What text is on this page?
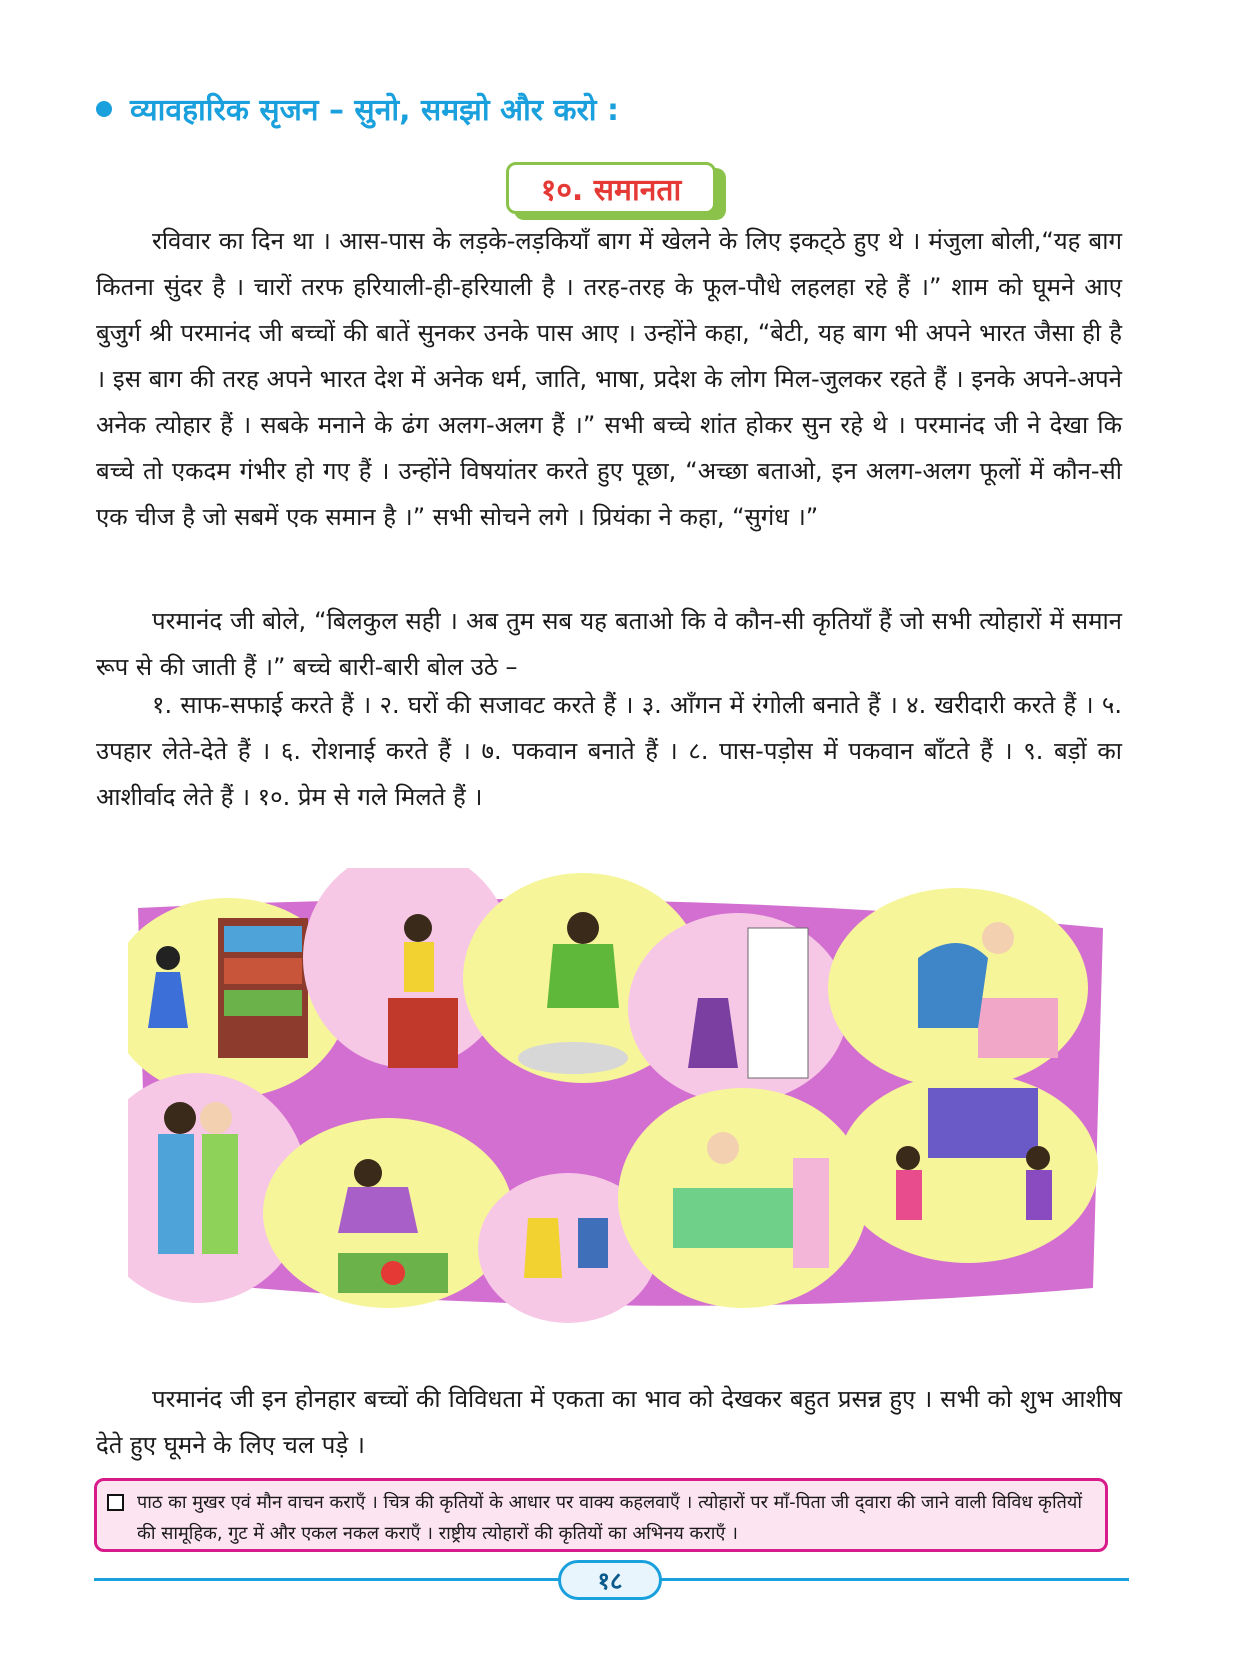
व्यावहारिक सृजन – सुनो, समझो और करो :
१०. समानता

रविवार का दिन था । आस-पास के लड़के-लड़कियाँ बाग में खेलने के लिए इकट्‌ठे हुए थे । मंजुला बोली,“यह बाग कितना सुंदर है । चारों तरफ हरियाली-ही-हरियाली है । तरह-तरह के फूल-पौधे लहलहा रहे हैं ।” शाम को घूमने आए बुजुर्ग श्री परमानंद जी बच्चों की बातें सुनकर उनके पास आए । उन्होंने कहा, “बेटी, यह बाग भी अपने भारत जैसा ही है । इस बाग की तरह अपने भारत देश में अनेक धर्म, जाति, भाषा, प्रदेश के लोग मिल-जुलकर रहते हैं । इनके अपने-अपने अनेक त्योहार हैं । सबके मनाने के ढंग अलग-अलग हैं ।” सभी बच्चे शांत होकर सुन रहे थे । परमानंद जी ने देखा कि बच्चे तो एकदम गंभीर हो गए हैं । उन्होंने विषयांतर करते हुए पूछा, “अच्छा बताओ, इन अलग-अलग फूलों में कौन-सी एक चीज है जो सबमें एक समान है ।” सभी सोचने लगे । प्रियंका ने कहा, “सुगंध ।”

परमानंद जी बोले, “बिलकुल सही । अब तुम सब यह बताओ कि वे कौन-सी कृतियाँ हैं जो सभी त्योहारों में समान रूप से की जाती हैं ।” बच्चे बारी-बारी बोल उठे –

१. साफ-सफाई करते हैं । २. घरों की सजावट करते हैं । ३. आँगन में रंगोली बनाते हैं । ४. खरीदारी करते हैं । ५. उपहार लेते-देते हैं । ६. रोशनाई करते हैं । ७. पकवान बनाते हैं । ८. पास-पड़ोस में पकवान बाँटते हैं । ९. बड़ों का आशीर्वाद लेते हैं । १०. प्रेम से गले मिलते हैं ।

परमानंद जी इन होनहार बच्चों की विविधता में एकता का भाव को देखकर बहुत प्रसन्न हुए । सभी को शुभ आशीष देते हुए घूमने के लिए चल पड़े ।

पाठ का मुखर एवं मौन वाचन कराएँ । चित्र की कृतियों के आधार पर वाक्य कहलवाएँ । त्योहारों पर माँ-पिता जी द्‌वारा की जाने वाली विविध कृतियों की सामूहिक, गुट में और एकल नकल कराएँ । राष्ट्रीय त्योहारों की कृतियों का अभिनय कराएँ ।
१८
